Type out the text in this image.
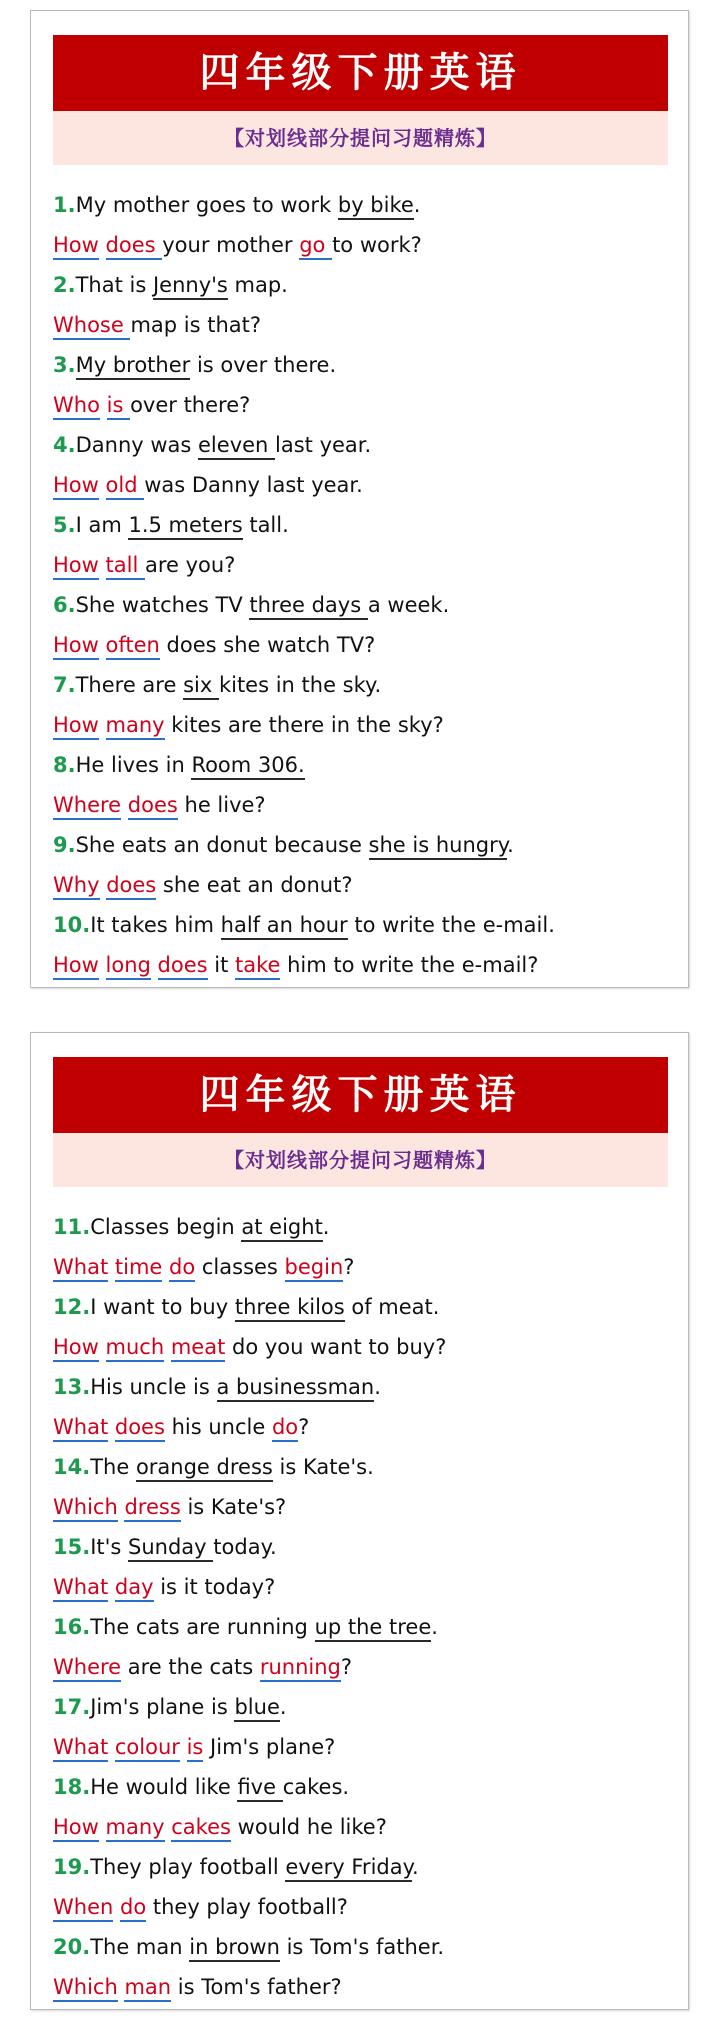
四年级下册英语
【对划线部分提问习题精炼】
1.My mother goes to work by bike.
How does your mother go to work?
2.That is Jenny's map.
Whose map is that?
3.My brother is over there.
Who is over there?
4.Danny was eleven last year.
How old was Danny last year.
5.I am 1.5 meters tall.
How tall are you?
6.She watches TV three days a week.
How often does she watch TV?
7.There are six kites in the sky.
How many kites are there in the sky?
8.He lives in Room 306.
Where does he live?
9.She eats an donut because she is hungry.
Why does she eat an donut?
10.It takes him half an hour to write the e-mail.
How long does it take him to write the e-mail?
四年级下册英语
【对划线部分提问习题精炼】
11.Classes begin at eight.
What time do classes begin?
12.I want to buy three kilos of meat.
How much meat do you want to buy?
13.His uncle is a businessman.
What does his uncle do?
14.The orange dress is Kate's.
Which dress is Kate's?
15.It's Sunday today.
What day is it today?
16.The cats are running up the tree.
Where are the cats running?
17.Jim's plane is blue.
What colour is Jim's plane?
18.He would like five cakes.
How many cakes would he like?
19.They play football every Friday.
When do they play football?
20.The man in brown is Tom's father.
Which man is Tom's father?
